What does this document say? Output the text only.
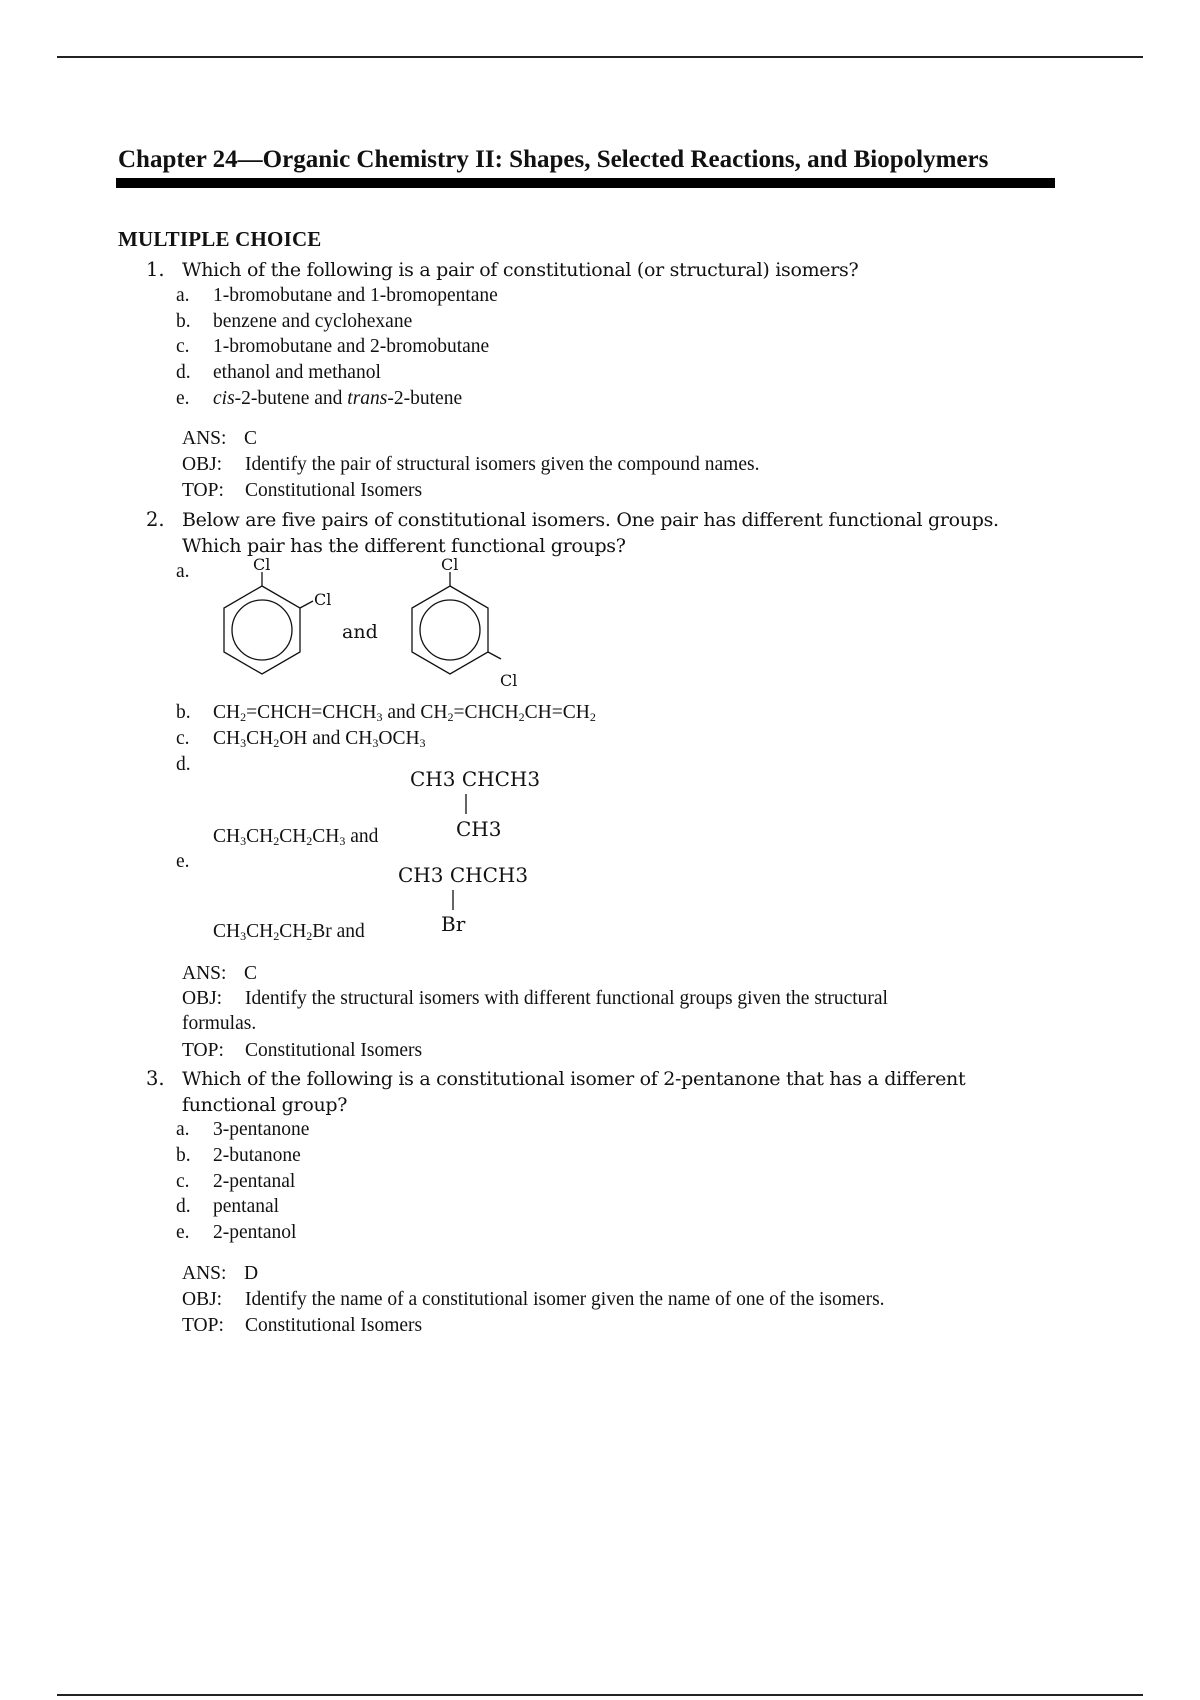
Chapter 24—Organic Chemistry II: Shapes, Selected Reactions, and Biopolymers
MULTIPLE CHOICE
1. Which of the following is a pair of constitutional (or structural) isomers?
a. 1-bromobutane and 1-bromopentane
b. benzene and cyclohexane
c. 1-bromobutane and 2-bromobutane
d. ethanol and methanol
e. cis-2-butene and trans-2-butene
ANS: C
OBJ: Identify the pair of structural isomers given the compound names.
TOP: Constitutional Isomers
2. Below are five pairs of constitutional isomers. One pair has different functional groups.
Which pair has the different functional groups?
a.	Cl
Cl
and
Cl
Cl
b. $CH_2=CHCH=CHCH_3$ and $CH_2=CHCH_2CH=CH_2$
c. $CH_3CH_2OH$ and $CH_3OCH_3$
d.
$CH_3CH_2CH_2CH_3$ and
CH3 CHCH3
CH3
e.
$CH_3CH_2CH_2Br$ and
CH3 CHCH3
Br
ANS: C
OBJ: Identify the structural isomers with different functional groups given the structural
formulas.
TOP: Constitutional Isomers
3. Which of the following is a constitutional isomer of 2-pentanone that has a different
functional group?
a. 3-pentanone
b. 2-butanone
c. 2-pentanal
d. pentanal
e. 2-pentanol
ANS: D
OBJ: Identify the name of a constitutional isomer given the name of one of the isomers.
TOP: Constitutional Isomers
